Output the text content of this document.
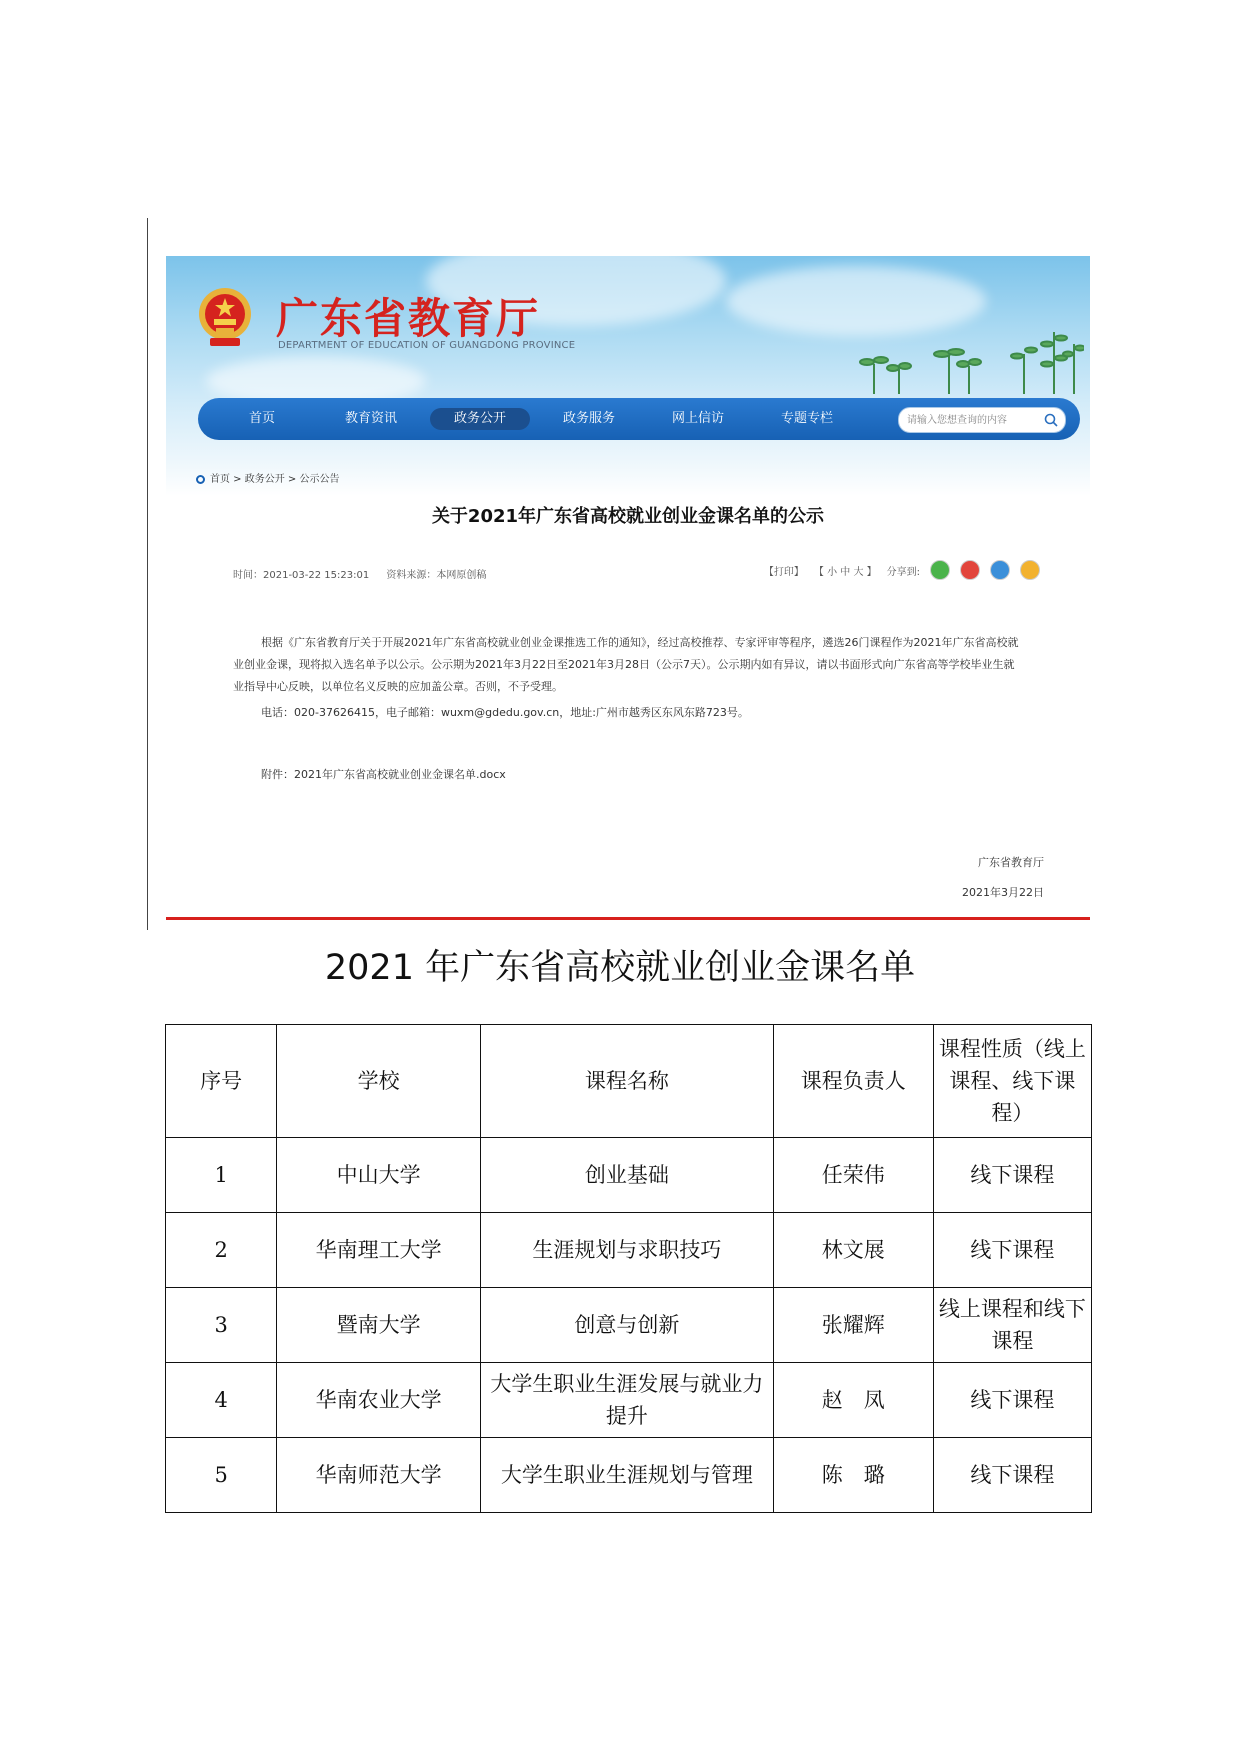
广东省教育厅
DEPARTMENT OF EDUCATION OF GUANGDONG PROVINCE
首页	教育资讯	政务公开	政务服务	网上信访	专题专栏
请输入您想查询的内容
首页 > 政务公开 > 公示公告
关于2021年广东省高校就业创业金课名单的公示
时间：2021-03-22 15:23:01 资料来源：本网原创稿	【打印】 【 小 中 大 】 分享到:

根据《广东省教育厅关于开展2021年广东省高校就业创业金课推选工作的通知》，经过高校推荐、专家评审等程序，遴选26门课程作为2021年广东省高校就业创业金课，现将拟入选名单予以公示。公示期为2021年3月22日至2021年3月28日（公示7天）。公示期内如有异议，请以书面形式向广东省高等学校毕业生就业指导中心反映，以单位名义反映的应加盖公章。否则，不予受理。

电话：020-37626415，电子邮箱：wuxm@gdedu.gov.cn，地址:广州市越秀区东风东路723号。

附件：2021年广东省高校就业创业金课名单.docx
广东省教育厅
2021年3月22日
2021 年广东省高校就业创业金课名单
序号	学校	课程名称	课程负责人	课程性质（线上课程、线下课程）
1	中山大学	创业基础	任荣伟	线下课程
2	华南理工大学	生涯规划与求职技巧	林文展	线下课程
3	暨南大学	创意与创新	张耀辉	线上课程和线下课程
4	华南农业大学	大学生职业生涯发展与就业力提升	赵　凤	线下课程
5	华南师范大学	大学生职业生涯规划与管理	陈　璐	线下课程
